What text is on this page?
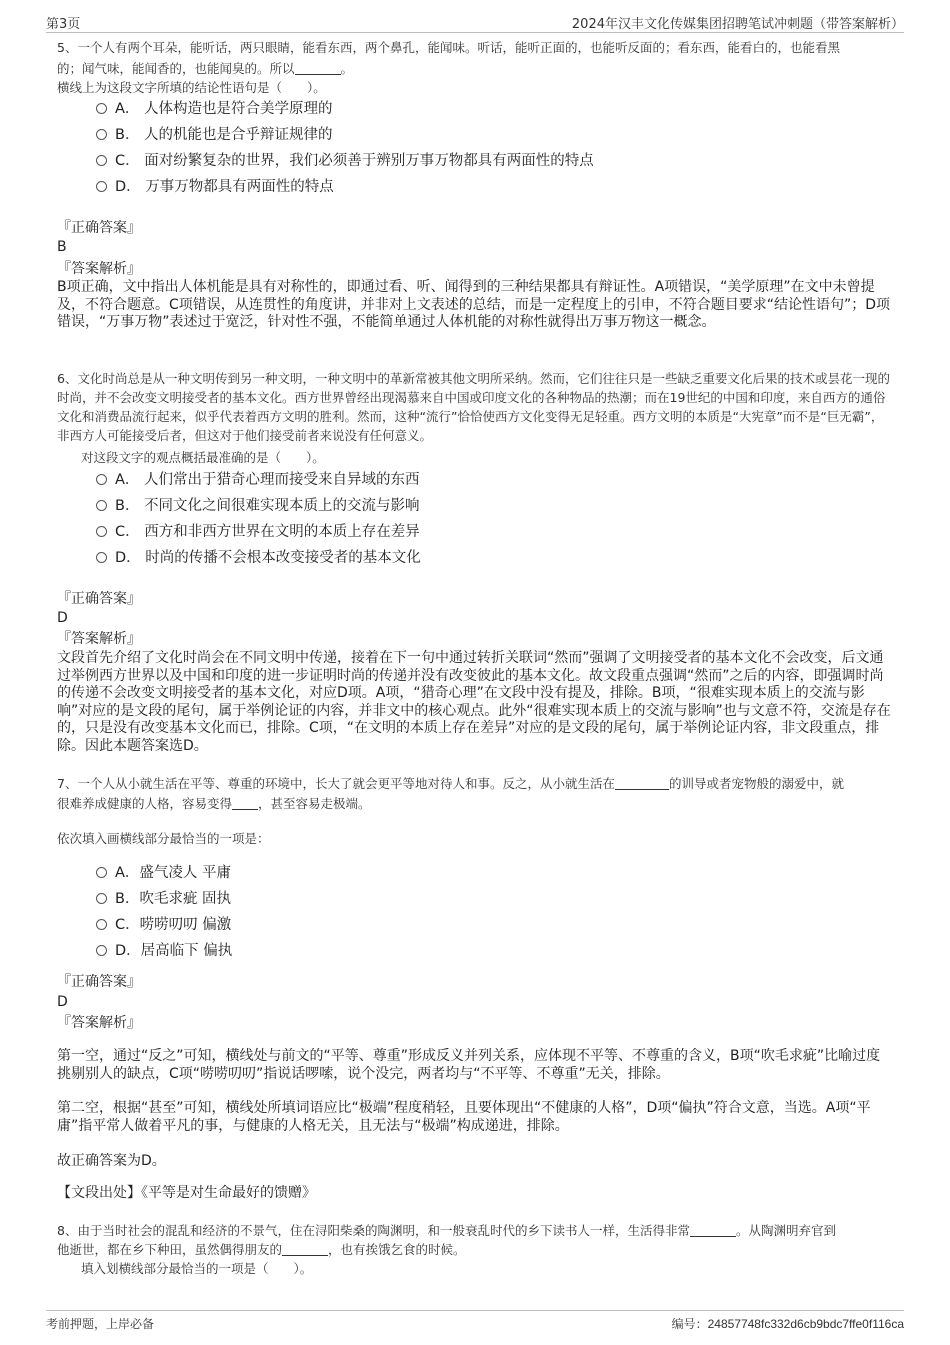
第3页	2024年汉丰文化传媒集团招聘笔试冲刺题（带答案解析）
5、一个人有两个耳朵，能听话，两只眼睛，能看东西，两个鼻孔，能闻味。听话，能听正面的，也能听反面的；看东西，能看白的，也能看黑
的；闻气味，能闻香的，也能闻臭的。所以	。
横线上为这段文字所填的结论性语句是（　　）。
A． 人体构造也是符合美学原理的
B． 人的机能也是合乎辩证规律的
C． 面对纷繁复杂的世界，我们必须善于辨别万事万物都具有两面性的特点
D． 万事万物都具有两面性的特点
『正确答案』
B
『答案解析』
B项正确，文中指出人体机能是具有对称性的，即通过看、听、闻得到的三种结果都具有辩证性。A项错误，“美学原理”在文中未曾提及，不符合题意。C项错误，从连贯性的角度讲，并非对上文表述的总结，而是一定程度上的引申，不符合题目要求“结论性语句”；D项错误，“万事万物”表述过于宽泛，针对性不强，不能简单通过人体机能的对称性就得出万事万物这一概念。
6、文化时尚总是从一种文明传到另一种文明，一种文明中的革新常被其他文明所采纳。然而，它们往往只是一些缺乏重要文化后果的技术或昙花一现的时尚，并不会改变文明接受者的基本文化。西方世界曾经出现渴慕来自中国或印度文化的各种物品的热潮；而在19世纪的中国和印度，来自西方的通俗文化和消费品流行起来，似乎代表着西方文明的胜利。然而，这种“流行”恰恰使西方文化变得无足轻重。西方文明的本质是“大宪章”而不是“巨无霸”，非西方人可能接受后者，但这对于他们接受前者来说没有任何意义。
对这段文字的观点概括最准确的是（　　）。
A． 人们常出于猎奇心理而接受来自异域的东西
B． 不同文化之间很难实现本质上的交流与影响
C． 西方和非西方世界在文明的本质上存在差异
D． 时尚的传播不会根本改变接受者的基本文化
『正确答案』
D
『答案解析』
文段首先介绍了文化时尚会在不同文明中传递，接着在下一句中通过转折关联词“然而”强调了文明接受者的基本文化不会改变，后文通过举例西方世界以及中国和印度的进一步证明时尚的传递并没有改变彼此的基本文化。故文段重点强调“然而”之后的内容，即强调时尚的传递不会改变文明接受者的基本文化，对应D项。A项，“猎奇心理”在文段中没有提及，排除。B项，“很难实现本质上的交流与影响”对应的是文段的尾句，属于举例论证的内容，并非文中的核心观点。此外“很难实现本质上的交流与影响”也与文意不符，交流是存在的，只是没有改变基本文化而已，排除。C项，“在文明的本质上存在差异”对应的是文段的尾句，属于举例论证内容，非文段重点，排除。因此本题答案选D。
7、一个人从小就生活在平等、尊重的环境中，长大了就会更平等地对待人和事。反之，从小就生活在	的训导或者宠物般的溺爱中，就
很难养成健康的人格，容易变得 ，甚至容易走极端。
依次填入画横线部分最恰当的一项是：
A．盛气凌人 平庸
B．吹毛求疵 固执
C．唠唠叨叨 偏激
D．居高临下 偏执
『正确答案』
D
『答案解析』
第一空，通过“反之”可知，横线处与前文的“平等、尊重”形成反义并列关系，应体现不平等、不尊重的含义，B项“吹毛求疵”比喻过度挑剔别人的缺点，C项“唠唠叨叨”指说话啰嗦，说个没完，两者均与“不平等、不尊重”无关，排除。
第二空，根据“甚至”可知，横线处所填词语应比“极端”程度稍轻，且要体现出“不健康的人格”，D项“偏执”符合文意，当选。A项“平庸”指平常人做着平凡的事，与健康的人格无关，且无法与“极端”构成递进，排除。
故正确答案为D。
【文段出处】《平等是对生命最好的馈赠》
8、由于当时社会的混乱和经济的不景气，住在浔阳柴桑的陶渊明，和一般衰乱时代的乡下读书人一样，生活得非常	。从陶渊明弃官到
他逝世，都在乡下种田，虽然偶得朋友的	，也有挨饿乞食的时候。
填入划横线部分最恰当的一项是（　　）。
考前押题，上岸必备	编号：24857748fc332d6cb9bdc7ffe0f116ca
